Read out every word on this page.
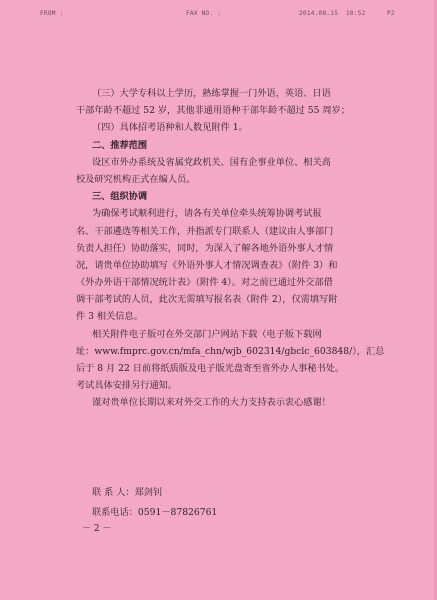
FROM :	FAX NO. :	2014.08.15 10:52	P2
（三）大学专科以上学历，熟练掌握一门外语，英语、日语
干部年龄不超过 52 岁，其他非通用语种干部年龄不超过 55 周岁；
（四）具体招考语种和人数见附件 1。
二、推荐范围
设区市外办系统及省属党政机关、国有企事业单位、相关高
校及研究机构正式在编人员。
三、组织协调
为确保考试顺利进行，请各有关单位牵头统筹协调考试报
名、干部遴选等相关工作，并指派专门联系人（建议由人事部门
负责人担任）协助落实，同时，为深入了解各地外语外事人才情
况，请贵单位协助填写《外语外事人才情况调查表》（附件 3）和
《外办外语干部情况统计表》（附件 4）。对之前已通过外交部借
调干部考试的人员，此次无需填写报名表（附件 2），仅需填写附
件 3 相关信息。
相关附件电子版可在外交部门户网站下载（电子版下载网
址：www.fmprc.gov.cn/mfa_chn/wjb_602314/gbclc_603848/），汇总
后于 8 月 22 日前将纸质版及电子版光盘寄至省外办人事秘书处。
考试具体安排另行通知。
谨对贵单位长期以来对外交工作的大力支持表示衷心感谢！
联 系 人：郑剑钊
联系电话：0591－87826761
－ 2 －
